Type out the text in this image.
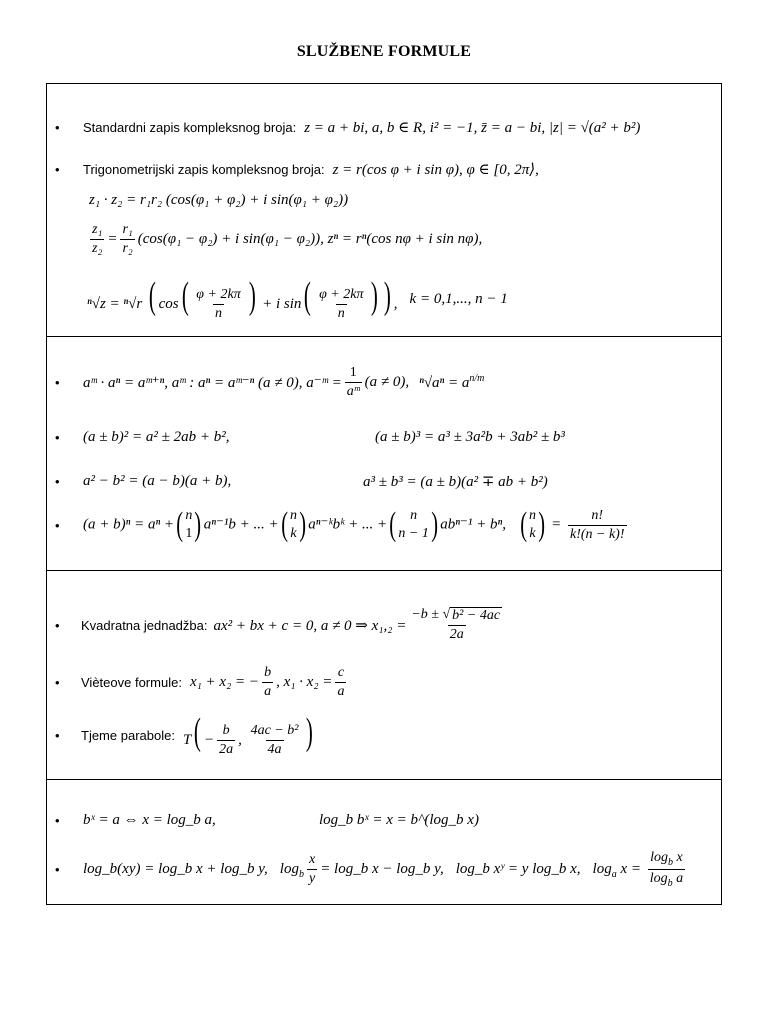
SLUŽBENE FORMULE
• Standardni zapis kompleksnog broja: z = a + bi, a, b ∈ R, i² = −1, z̄ = a − bi, |z| = √(a² + b²)
• Trigonometrijski zapis kompleksnog broja: z = r(cos φ + i sin φ), φ ∈ [0, 2π⟩,
z₁ · z₂ = r₁r₂ (cos(φ₁ + φ₂) + i sin(φ₁ + φ₂))
$\frac{\text{z₁}}{\text{z₂}} = \frac{\text{r₁}}{\text{r₂}} (\cos(\varphi_1 - \varphi_2) + i$ sin(φ₁ − φ₂)), zⁿ = rⁿ(cos nφ + i sin nφ),
ⁿ√z = ⁿ√r ( $\cos( \frac{\varphi + 2k\pi}{n}$ ) + i $\sin( \frac{\varphi + 2k\pi}{n}$ ) ) , k = 0,1,..., n − 1
• aᵐ · aⁿ = aᵐ⁺ⁿ, aᵐ : aⁿ = aᵐ⁻ⁿ (a ≠ 0), a⁻ᵐ = $\frac{1}{\text{aᵐ}} (a \ne 0)$, $^n√a^n = a^{n/m}$
• (a ± b)² = a² ± 2ab + b²,	(a ± b)³ = a³ ± 3a²b + 3ab² ± b³
• a² − b² = (a − b)(a + b),	a³ ± b³ = (a ± b)(a² ∓ ab + b²)
• (a + b)ⁿ = aⁿ + ( n
1 ) aⁿ⁻¹b + ... + ( n
k ) aⁿ⁻ᵏbᵏ + ... + ( n
n − 1 ) abⁿ⁻¹ + bⁿ, ( n
k ) = $\frac{n!}{k!(n - k)!}$
• Kvadratna jednadžba: ax² + bx + c = 0, a ≠ 0 ⇒ $x_1,_2 = \frac{\text{−b ± √ b² − 4ac}}{2a}$
• Vièteove formule: x₁ + x₂ = − $\frac{b}{a}$ , $x_1 \cdot x_2 = \frac{c}{a}$
• Tjeme parabole: $T( - \frac{b}{2a}$ , $\frac{\text{4ac − b²}}{4a}$ )
• bˣ = a ⇔ x = log_b a,	log_b bˣ = x = b^(log_b x)
• log_b(xy) = log_b x + log_b y, $\log_b \frac{x}{y}$ = log_b x − log_b y, log_b xʸ = y log_b x, $\log_a x = \frac{\log_b x}{\log_b a}$
